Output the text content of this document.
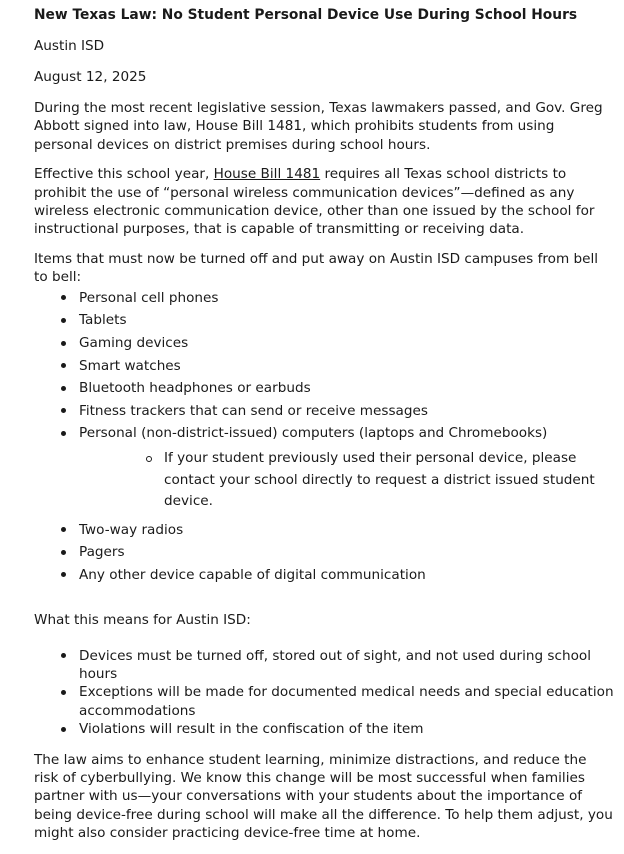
New Texas Law: No Student Personal Device Use During School Hours
Austin ISD
August 12, 2025

During the most recent legislative session, Texas lawmakers passed, and Gov. Greg Abbott signed into law, House Bill 1481, which prohibits students from using personal devices on district premises during school hours.

Effective this school year, House Bill 1481 requires all Texas school districts to prohibit the use of “personal wireless communication devices”—defined as any wireless electronic communication device, other than one issued by the school for instructional purposes, that is capable of transmitting or receiving data.

Items that must now be turned off and put away on Austin ISD campuses from bell to bell:
Personal cell phones
Tablets
Gaming devices
Smart watches
Bluetooth headphones or earbuds
Fitness trackers that can send or receive messages
Personal (non-district-issued) computers (laptops and Chromebooks)
If your student previously used their personal device, please contact your school directly to request a district issued student device.
Two-way radios
Pagers
Any other device capable of digital communication
What this means for Austin ISD:
Devices must be turned off, stored out of sight, and not used during school hours
Exceptions will be made for documented medical needs and special education accommodations
Violations will result in the confiscation of the item

The law aims to enhance student learning, minimize distractions, and reduce the risk of cyberbullying. We know this change will be most successful when families partner with us—your conversations with your students about the importance of being device-free during school will make all the difference. To help them adjust, you might also consider practicing device-free time at home.
